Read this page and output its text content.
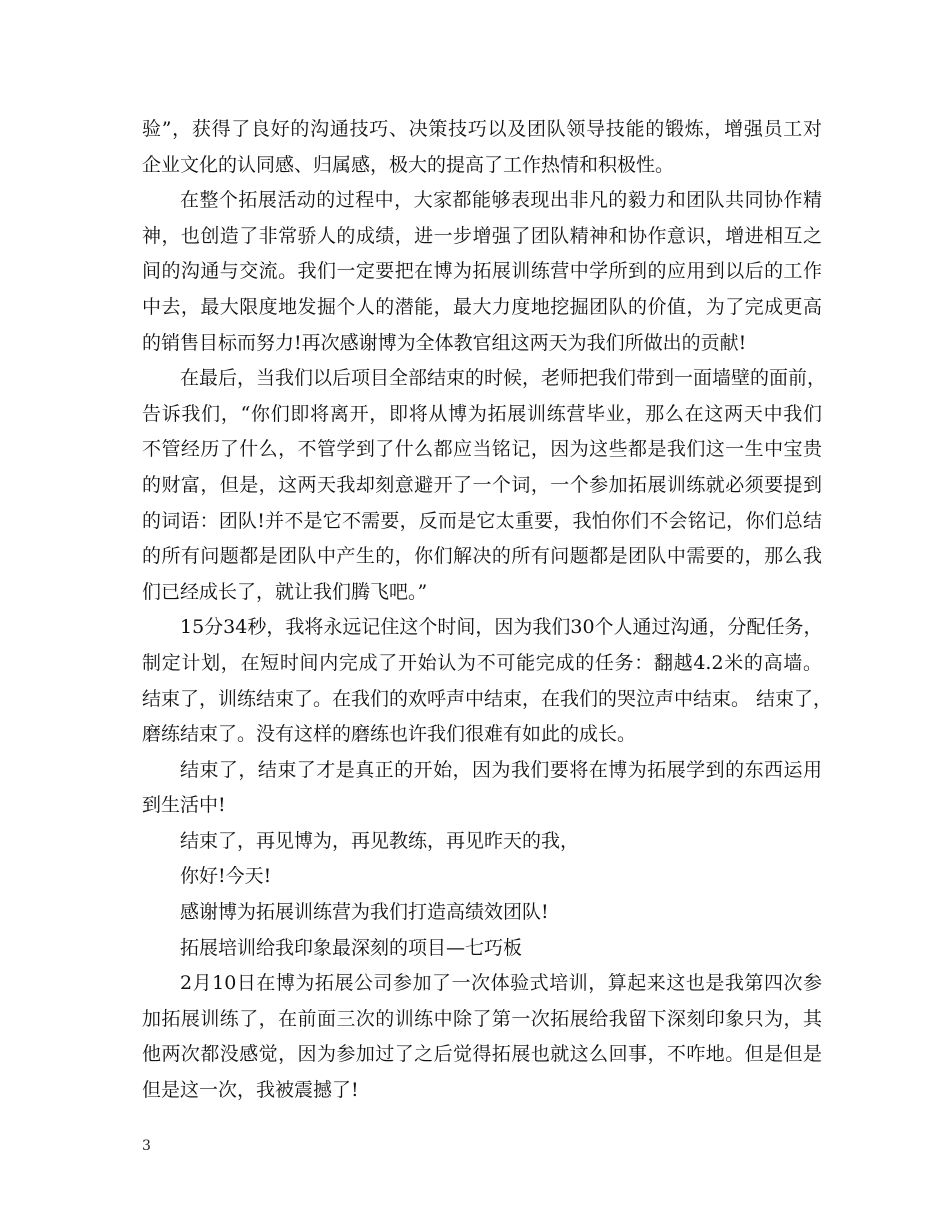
验”，获得了良好的沟通技巧、决策技巧以及团队领导技能的锻炼，增强员工对
企业文化的认同感、归属感，极大的提高了工作热情和积极性。
在整个拓展活动的过程中，大家都能够表现出非凡的毅力和团队共同协作精
神，也创造了非常骄人的成绩，进一步增强了团队精神和协作意识，增进相互之
间的沟通与交流。我们一定要把在博为拓展训练营中学所到的应用到以后的工作
中去，最大限度地发掘个人的潜能，最大力度地挖掘团队的价值，为了完成更高
的销售目标而努力!再次感谢博为全体教官组这两天为我们所做出的贡献!
在最后，当我们以后项目全部结束的时候，老师把我们带到一面墙壁的面前，
告诉我们，“你们即将离开，即将从博为拓展训练营毕业，那么在这两天中我们
不管经历了什么，不管学到了什么都应当铭记，因为这些都是我们这一生中宝贵
的财富，但是，这两天我却刻意避开了一个词，一个参加拓展训练就必须要提到
的词语：团队!并不是它不需要，反而是它太重要，我怕你们不会铭记，你们总结
的所有问题都是团队中产生的，你们解决的所有问题都是团队中需要的，那么我
们已经成长了，就让我们腾飞吧。”
15分34秒，我将永远记住这个时间，因为我们30个人通过沟通，分配任务，
制定计划，在短时间内完成了开始认为不可能完成的任务：翻越4.2米的高墙。
结束了，训练结束了。在我们的欢呼声中结束，在我们的哭泣声中结束。 结束了，
磨练结束了。没有这样的磨练也许我们很难有如此的成长。
结束了，结束了才是真正的开始，因为我们要将在博为拓展学到的东西运用
到生活中!
结束了，再见博为，再见教练，再见昨天的我，
你好!今天!
感谢博为拓展训练营为我们打造高绩效团队!
拓展培训给我印象最深刻的项目—七巧板
2月10日在博为拓展公司参加了一次体验式培训，算起来这也是我第四次参
加拓展训练了，在前面三次的训练中除了第一次拓展给我留下深刻印象只为，其
他两次都没感觉，因为参加过了之后觉得拓展也就这么回事，不咋地。但是但是
但是这一次，我被震撼了!
3
